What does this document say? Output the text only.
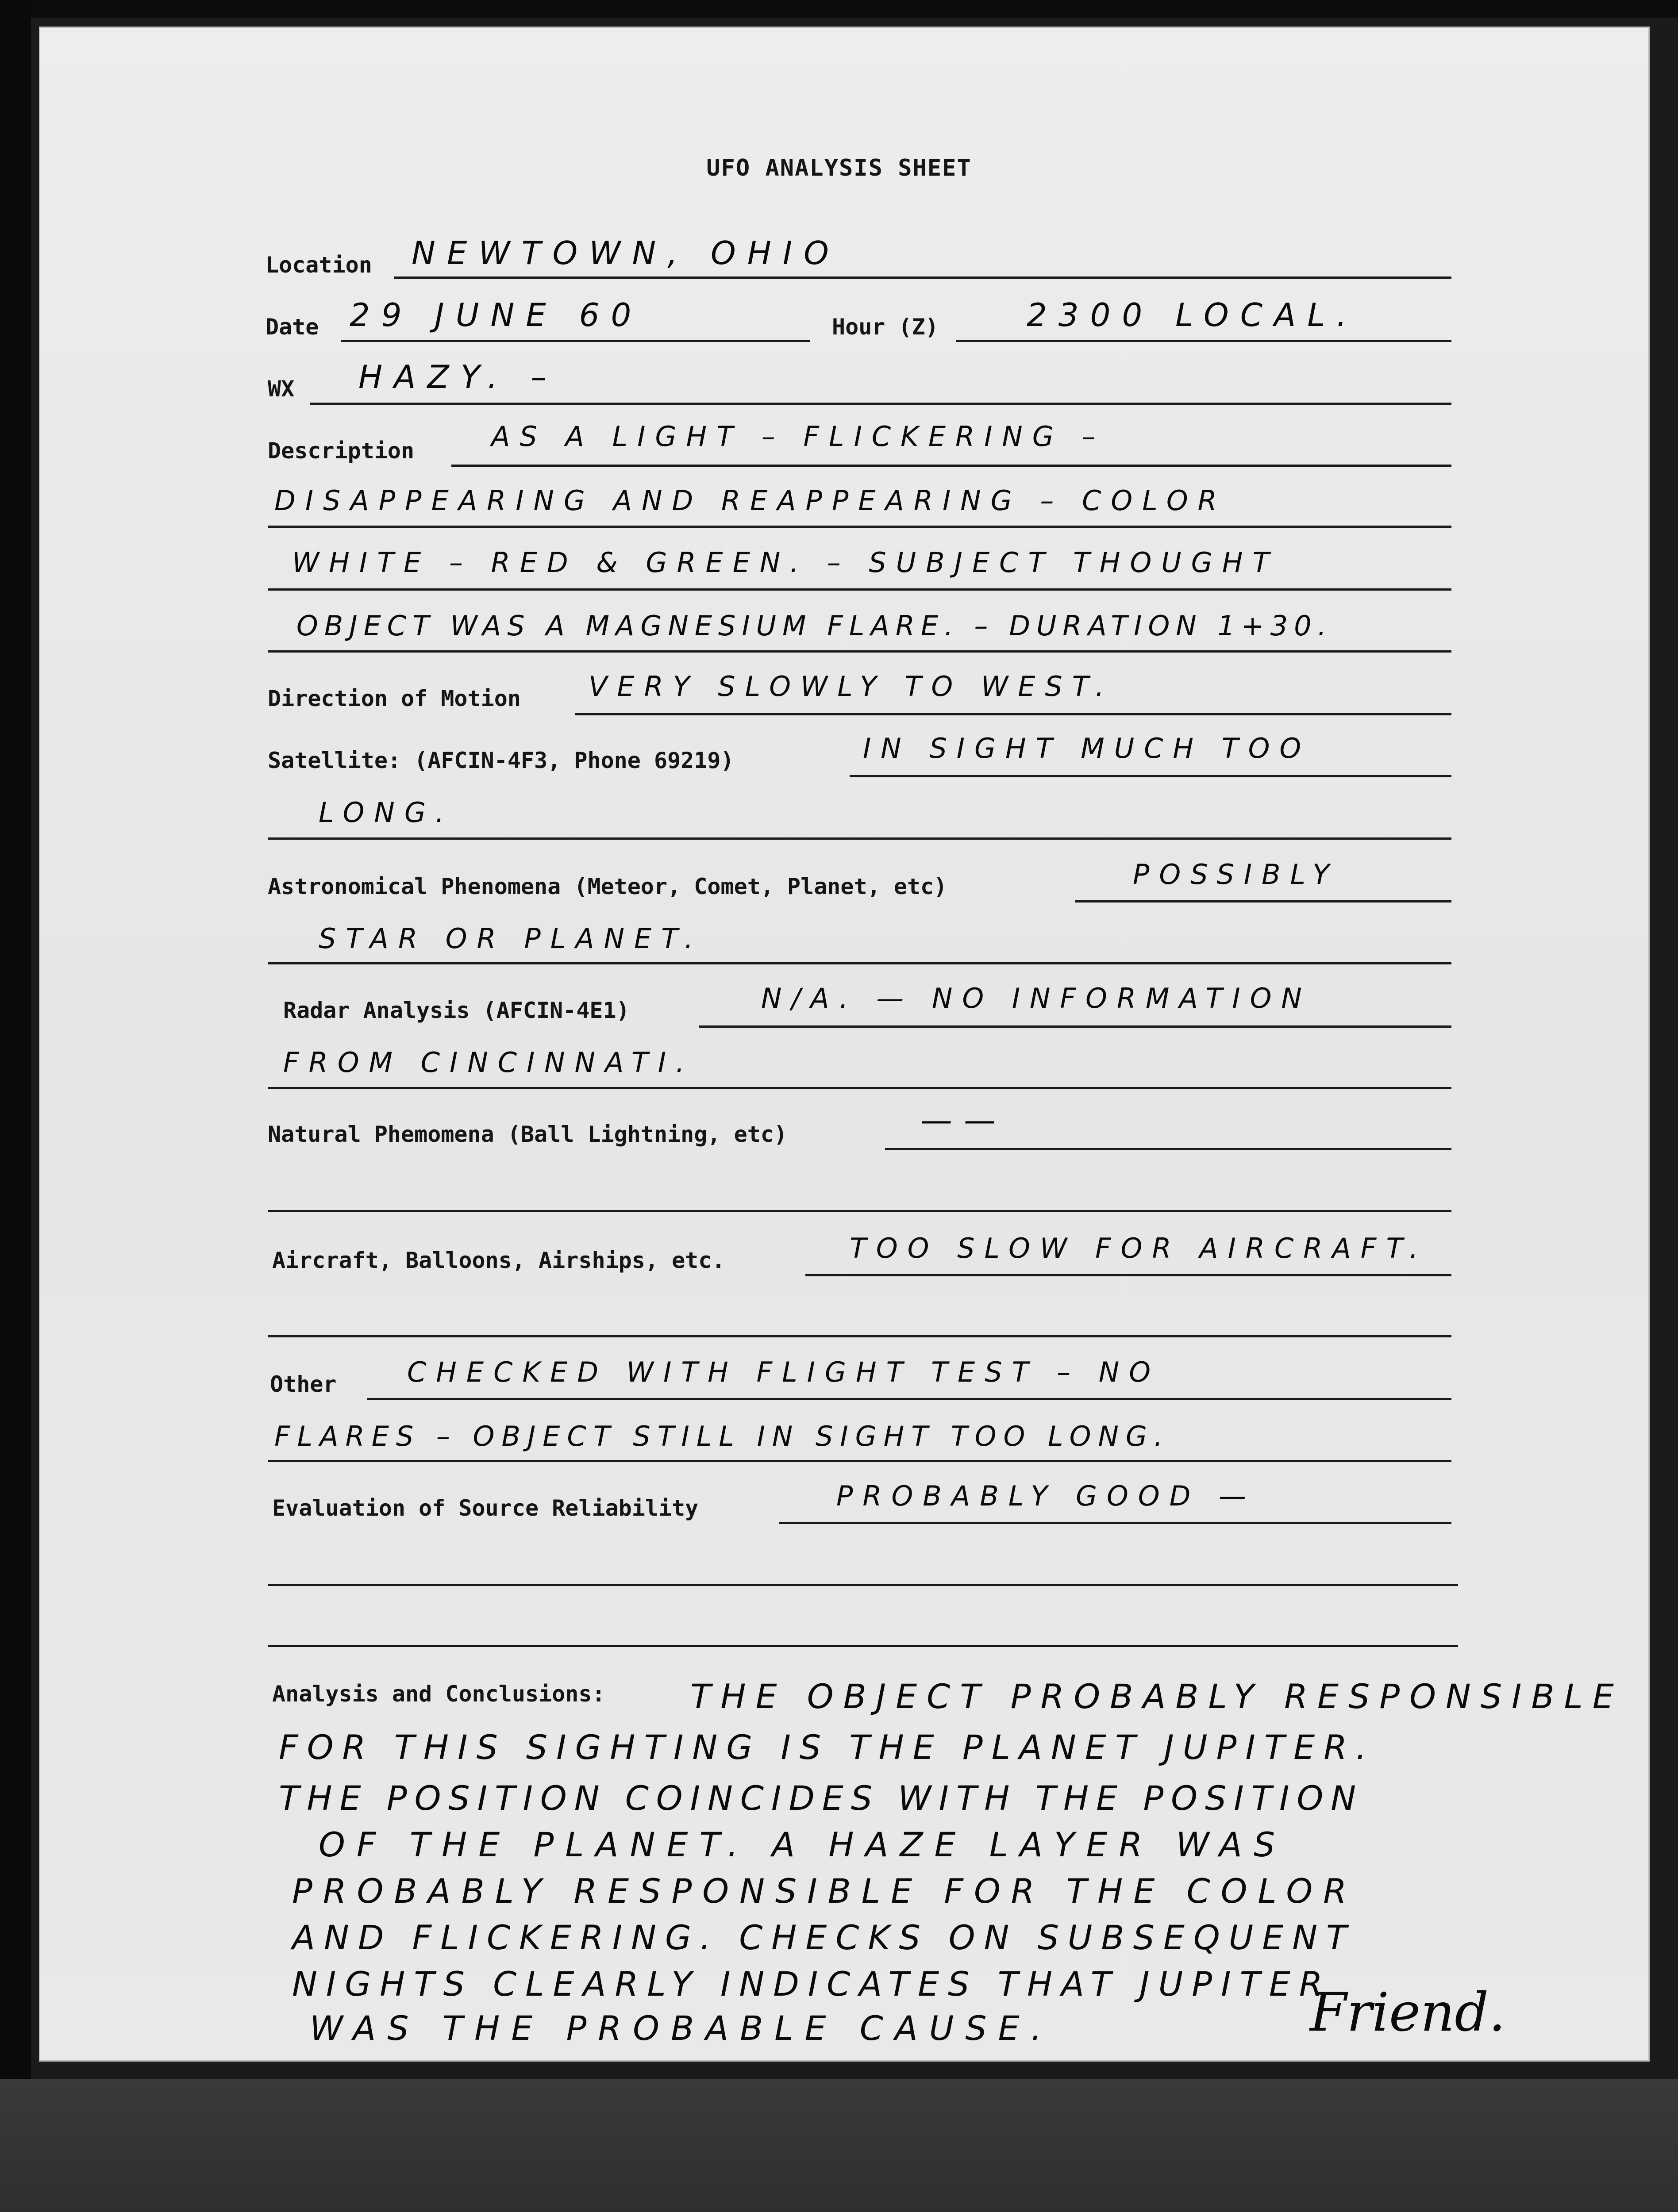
UFO ANALYSIS SHEET
Location NEWTOWN, OHIO
Date 29 JUNE 60	Hour (Z)	2300 LOCAL.
WX HAZY. –
Description	AS A LIGHT – FLICKERING –
DISAPPEARING AND REAPPEARING – COLOR
WHITE – RED & GREEN. – SUBJECT THOUGHT
OBJECT WAS A MAGNESIUM FLARE. – DURATION 1+30.
Direction of Motion VERY SLOWLY TO WEST.
Satellite: (AFCIN-4F3, Phone 69219)	IN SIGHT MUCH TOO
LONG.
Astronomical Phenomena (Meteor, Comet, Planet, etc)	POSSIBLY
STAR OR PLANET.
Radar Analysis (AFCIN-4E1)	N/A. — NO INFORMATION
FROM CINCINNATI.
Natural Phemomena (Ball Lightning, etc)	——
Aircraft, Balloons, Airships, etc.	TOO SLOW FOR AIRCRAFT.
Other	CHECKED WITH FLIGHT TEST – NO
FLARES – OBJECT STILL IN SIGHT TOO LONG.
Evaluation of Source Reliability	PROBABLY GOOD —
Analysis and Conclusions:	THE OBJECT PROBABLY RESPONSIBLE
FOR THIS SIGHTING IS THE PLANET JUPITER.
THE POSITION COINCIDES WITH THE POSITION
OF THE PLANET. A HAZE LAYER WAS
PROBABLY RESPONSIBLE FOR THE COLOR
AND FLICKERING. CHECKS ON SUBSEQUENT
NIGHTS CLEARLY INDICATES THAT JUPITER
WAS THE PROBABLE CAUSE.	Friend.
